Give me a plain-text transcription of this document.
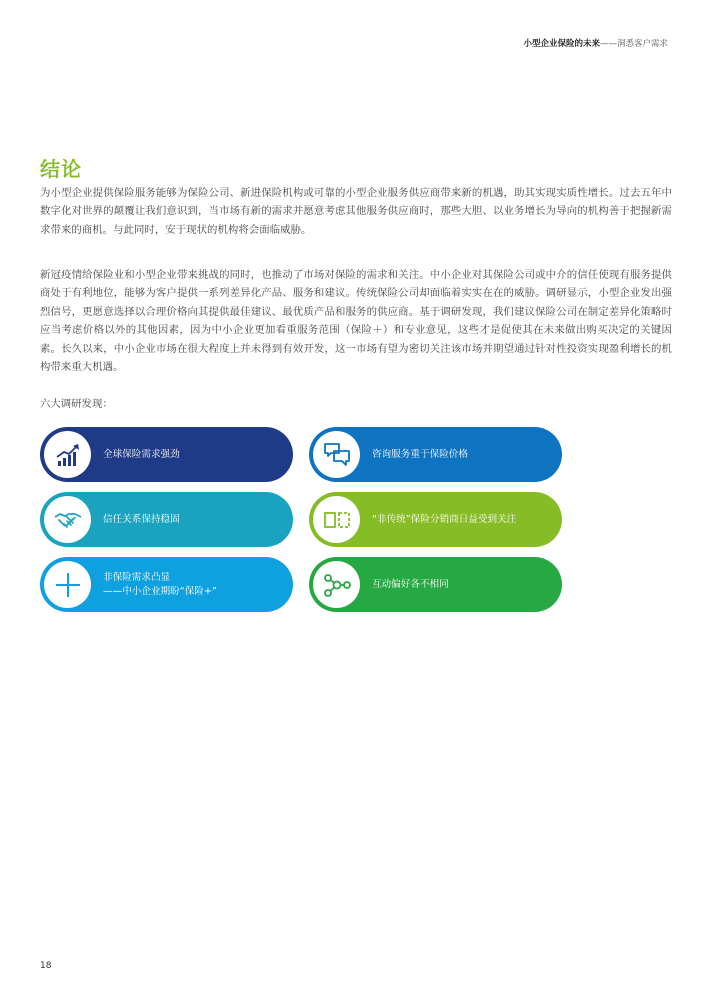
小型企业保险的未来——洞悉客户需求
结论

为小型企业提供保险服务能够为保险公司、新进保险机构或可靠的小型企业服务供应商带来新的机遇，助其实现实质性增长。过去五年中数字化对世界的颠覆让我们意识到，当市场有新的需求并愿意考虑其他服务供应商时，那些大胆、以业务增长为导向的机构善于把握新需求带来的商机。与此同时，安于现状的机构将会面临威胁。

新冠疫情给保险业和小型企业带来挑战的同时，也推动了市场对保险的需求和关注。中小企业对其保险公司或中介的信任使现有服务提供商处于有利地位，能够为客户提供一系列差异化产品、服务和建议。传统保险公司却面临着实实在在的威胁。调研显示，小型企业发出强烈信号，更愿意选择以合理价格向其提供最佳建议、最优质产品和服务的供应商。基于调研发现，我们建议保险公司在制定差异化策略时应当考虑价格以外的其他因素，因为中小企业更加看重服务范围（保险＋）和专业意见，这些才是促使其在未来做出购买决定的关键因素。长久以来，中小企业市场在很大程度上并未得到有效开发，这一市场有望为密切关注该市场并期望通过针对性投资实现盈利增长的机构带来重大机遇。

六大调研发现：
全球保险需求强劲	咨询服务重于保险价格
信任关系保持稳固	“非传统”保险分销商日益受到关注
非保险需求凸显
——中小企业期盼“保险+”
互动偏好各不相同
18
